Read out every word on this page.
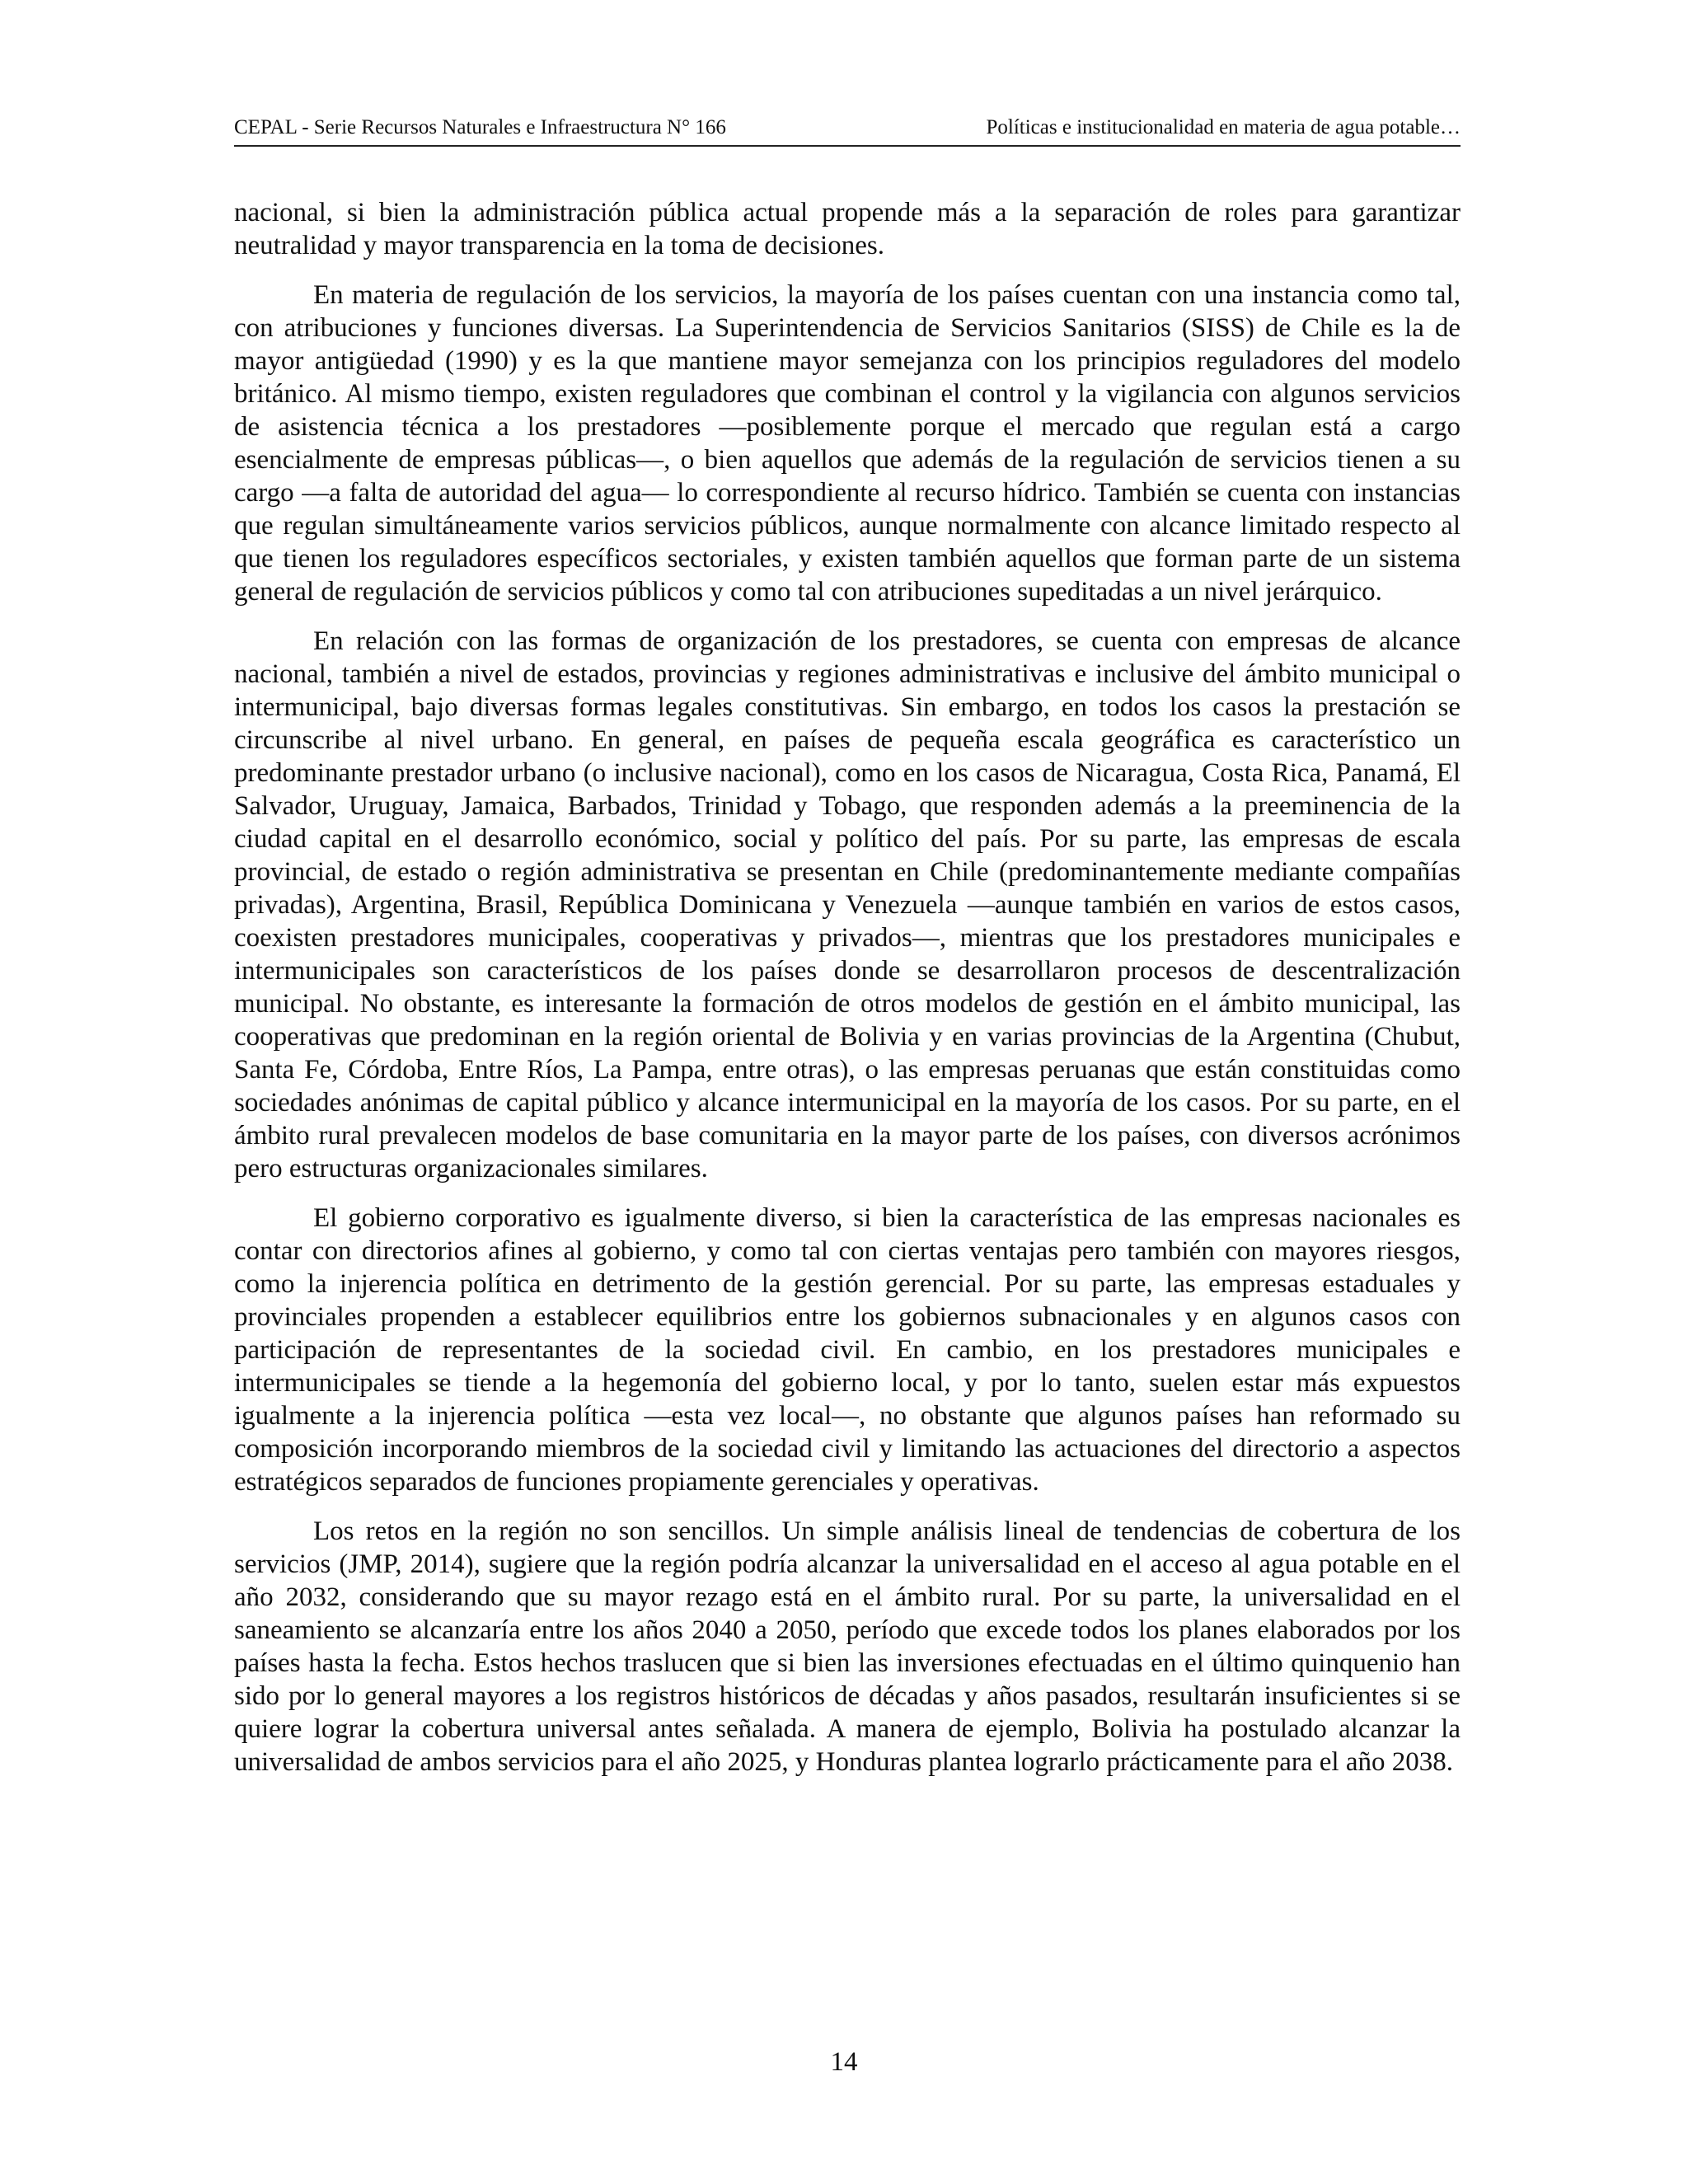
CEPAL - Serie Recursos Naturales e Infraestructura N° 166	Políticas e institucionalidad en materia de agua potable…

nacional, si bien la administración pública actual propende más a la separación de roles para garantizar neutralidad y mayor transparencia en la toma de decisiones.

En materia de regulación de los servicios, la mayoría de los países cuentan con una instancia como tal, con atribuciones y funciones diversas. La Superintendencia de Servicios Sanitarios (SISS) de Chile es la de mayor antigüedad (1990) y es la que mantiene mayor semejanza con los principios reguladores del modelo británico. Al mismo tiempo, existen reguladores que combinan el control y la vigilancia con algunos servicios de asistencia técnica a los prestadores —posiblemente porque el mercado que regulan está a cargo esencialmente de empresas públicas—, o bien aquellos que además de la regulación de servicios tienen a su cargo —a falta de autoridad del agua— lo correspondiente al recurso hídrico. También se cuenta con instancias que regulan simultáneamente varios servicios públicos, aunque normalmente con alcance limitado respecto al que tienen los reguladores específicos sectoriales, y existen también aquellos que forman parte de un sistema general de regulación de servicios públicos y como tal con atribuciones supeditadas a un nivel jerárquico.

En relación con las formas de organización de los prestadores, se cuenta con empresas de alcance nacional, también a nivel de estados, provincias y regiones administrativas e inclusive del ámbito municipal o intermunicipal, bajo diversas formas legales constitutivas. Sin embargo, en todos los casos la prestación se circunscribe al nivel urbano. En general, en países de pequeña escala geográfica es característico un predominante prestador urbano (o inclusive nacional), como en los casos de Nicaragua, Costa Rica, Panamá, El Salvador, Uruguay, Jamaica, Barbados, Trinidad y Tobago, que responden además a la preeminencia de la ciudad capital en el desarrollo económico, social y político del país. Por su parte, las empresas de escala provincial, de estado o región administrativa se presentan en Chile (predominantemente mediante compañías privadas), Argentina, Brasil, República Dominicana y Venezuela —aunque también en varios de estos casos, coexisten prestadores municipales, cooperativas y privados—, mientras que los prestadores municipales e intermunicipales son característicos de los países donde se desarrollaron procesos de descentralización municipal. No obstante, es interesante la formación de otros modelos de gestión en el ámbito municipal, las cooperativas que predominan en la región oriental de Bolivia y en varias provincias de la Argentina (Chubut, Santa Fe, Córdoba, Entre Ríos, La Pampa, entre otras), o las empresas peruanas que están constituidas como sociedades anónimas de capital público y alcance intermunicipal en la mayoría de los casos. Por su parte, en el ámbito rural prevalecen modelos de base comunitaria en la mayor parte de los países, con diversos acrónimos pero estructuras organizacionales similares.

El gobierno corporativo es igualmente diverso, si bien la característica de las empresas nacionales es contar con directorios afines al gobierno, y como tal con ciertas ventajas pero también con mayores riesgos, como la injerencia política en detrimento de la gestión gerencial. Por su parte, las empresas estaduales y provinciales propenden a establecer equilibrios entre los gobiernos subnacionales y en algunos casos con participación de representantes de la sociedad civil. En cambio, en los prestadores municipales e intermunicipales se tiende a la hegemonía del gobierno local, y por lo tanto, suelen estar más expuestos igualmente a la injerencia política —esta vez local—, no obstante que algunos países han reformado su composición incorporando miembros de la sociedad civil y limitando las actuaciones del directorio a aspectos estratégicos separados de funciones propiamente gerenciales y operativas.

Los retos en la región no son sencillos. Un simple análisis lineal de tendencias de cobertura de los servicios (JMP, 2014), sugiere que la región podría alcanzar la universalidad en el acceso al agua potable en el año 2032, considerando que su mayor rezago está en el ámbito rural. Por su parte, la universalidad en el saneamiento se alcanzaría entre los años 2040 a 2050, período que excede todos los planes elaborados por los países hasta la fecha. Estos hechos traslucen que si bien las inversiones efectuadas en el último quinquenio han sido por lo general mayores a los registros históricos de décadas y años pasados, resultarán insuficientes si se quiere lograr la cobertura universal antes señalada. A manera de ejemplo, Bolivia ha postulado alcanzar la universalidad de ambos servicios para el año 2025, y Honduras plantea lograrlo prácticamente para el año 2038.

14
